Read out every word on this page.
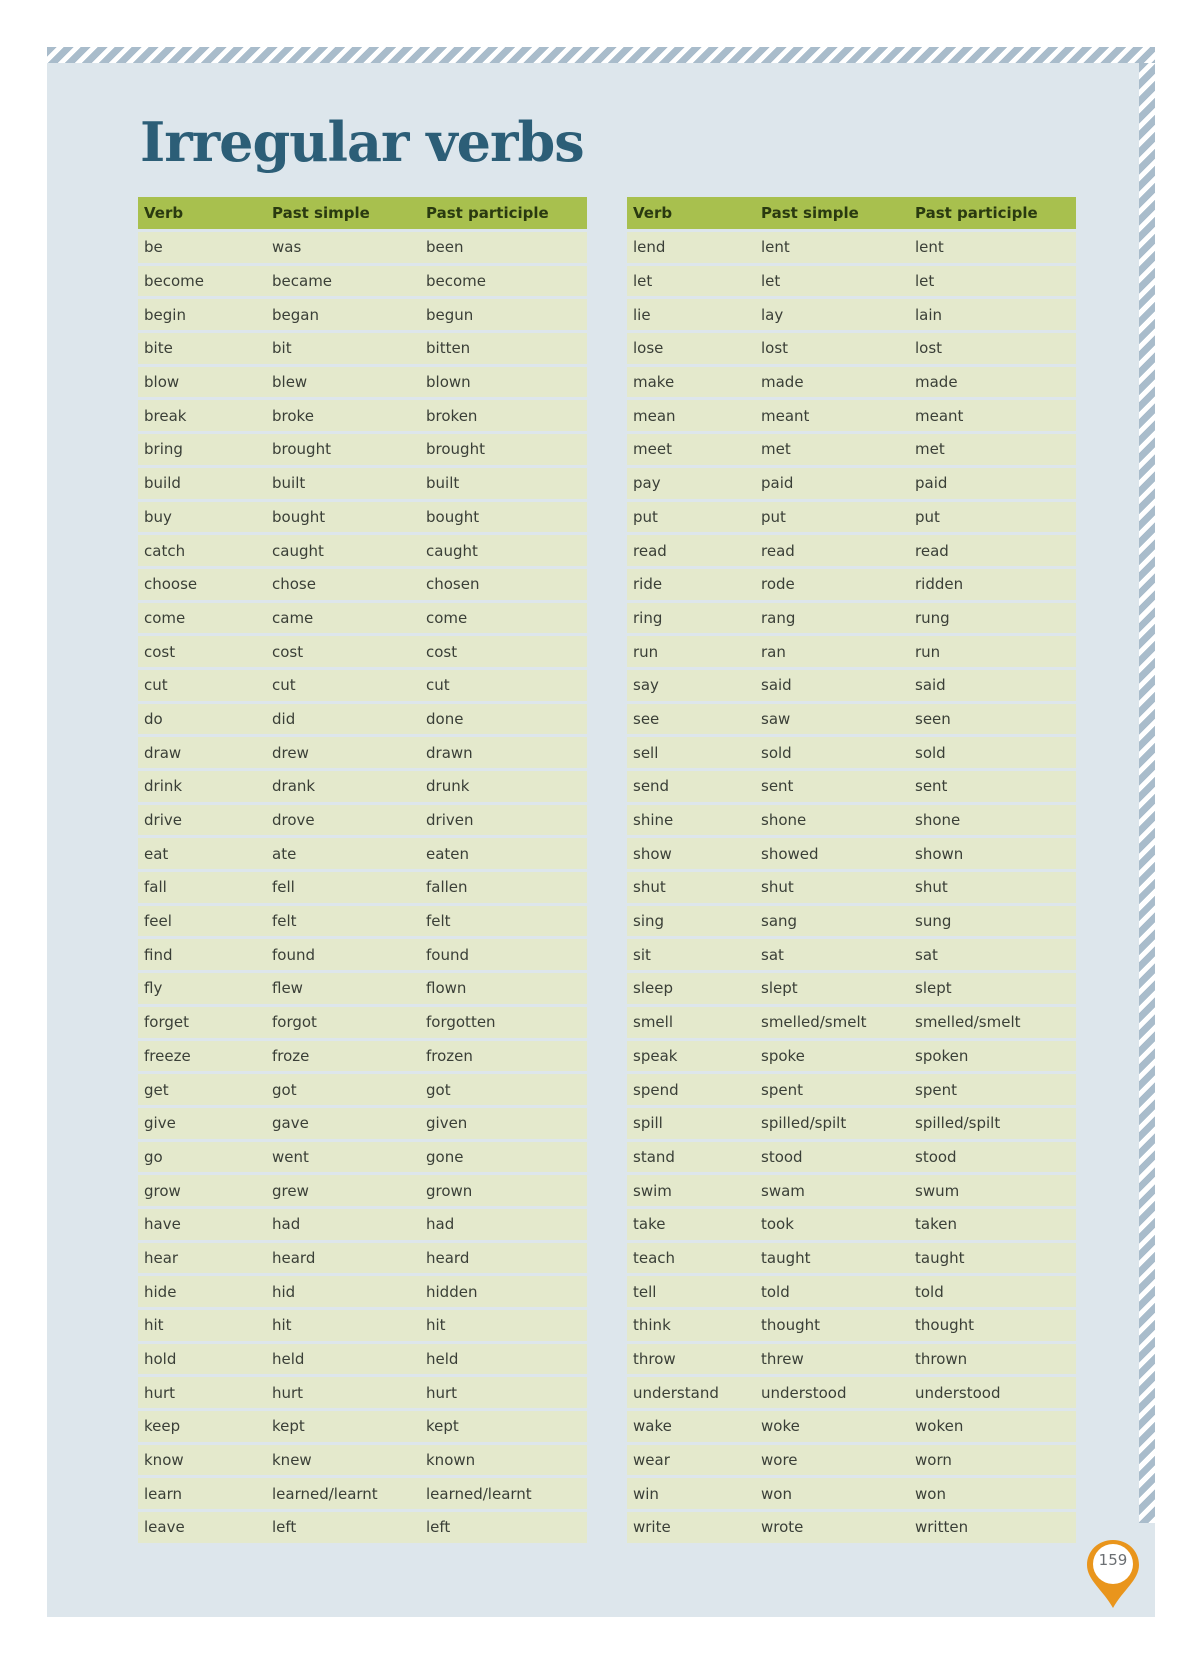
Irregular verbs
Verb	Past simple	Past participle
be	was	been
become	became	become
begin	began	begun
bite	bit	bitten
blow	blew	blown
break	broke	broken
bring	brought	brought
build	built	built
buy	bought	bought
catch	caught	caught
choose	chose	chosen
come	came	come
cost	cost	cost
cut	cut	cut
do	did	done
draw	drew	drawn
drink	drank	drunk
drive	drove	driven
eat	ate	eaten
fall	fell	fallen
feel	felt	felt
find	found	found
fly	flew	flown
forget	forgot	forgotten
freeze	froze	frozen
get	got	got
give	gave	given
go	went	gone
grow	grew	grown
have	had	had
hear	heard	heard
hide	hid	hidden
hit	hit	hit
hold	held	held
hurt	hurt	hurt
keep	kept	kept
know	knew	known
learn	learned/learnt	learned/learnt
leave	left	left
Verb	Past simple	Past participle
lend	lent	lent
let	let	let
lie	lay	lain
lose	lost	lost
make	made	made
mean	meant	meant
meet	met	met
pay	paid	paid
put	put	put
read	read	read
ride	rode	ridden
ring	rang	rung
run	ran	run
say	said	said
see	saw	seen
sell	sold	sold
send	sent	sent
shine	shone	shone
show	showed	shown
shut	shut	shut
sing	sang	sung
sit	sat	sat
sleep	slept	slept
smell	smelled/smelt	smelled/smelt
speak	spoke	spoken
spend	spent	spent
spill	spilled/spilt	spilled/spilt
stand	stood	stood
swim	swam	swum
take	took	taken
teach	taught	taught
tell	told	told
think	thought	thought
throw	threw	thrown
understand	understood	understood
wake	woke	woken
wear	wore	worn
win	won	won
write	wrote	written
159
